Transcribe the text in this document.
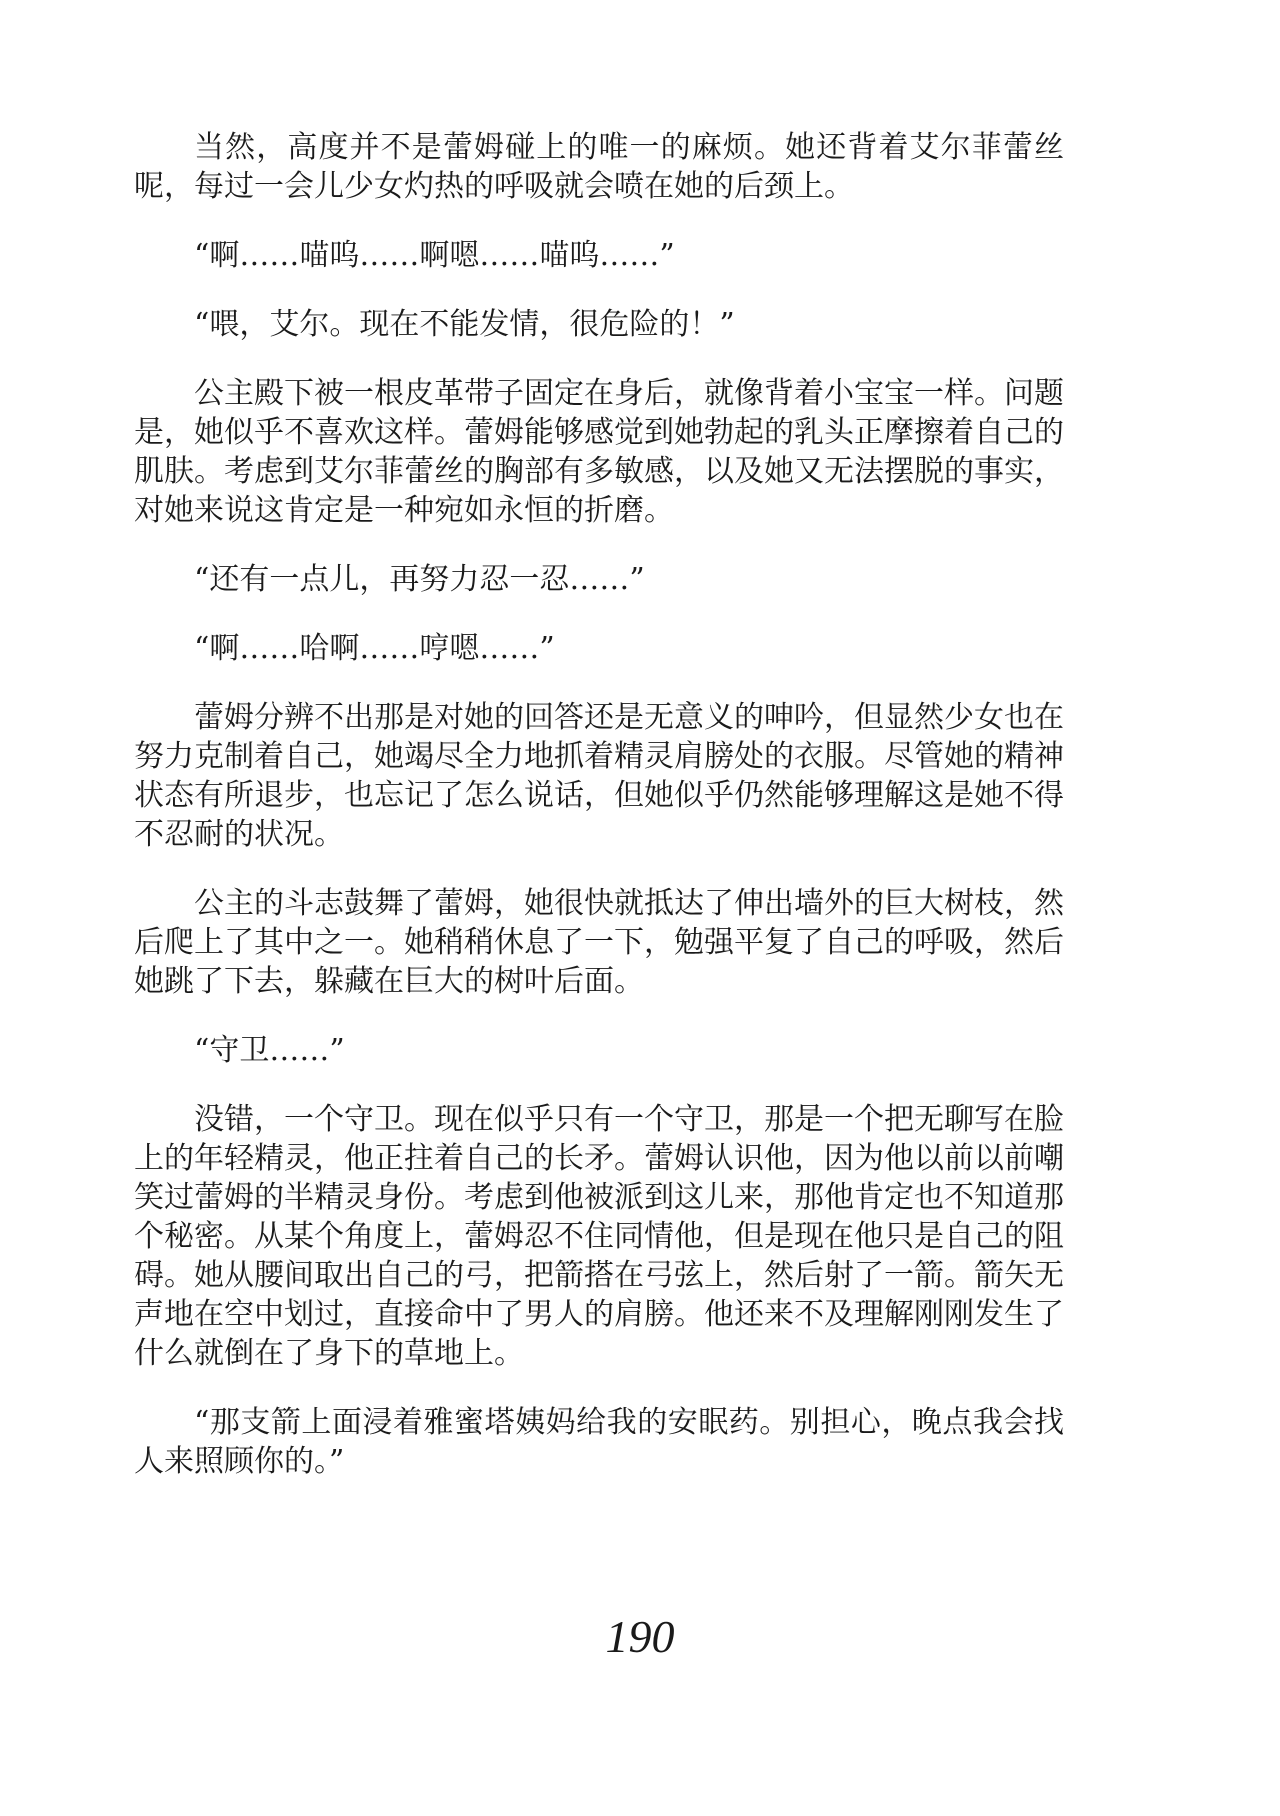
当然，高度并不是蕾姆碰上的唯一的麻烦。她还背着艾尔菲蕾丝呢，每过一会儿少女灼热的呼吸就会喷在她的后颈上。

“啊……喵呜……啊嗯……喵呜……”

“喂，艾尔。现在不能发情，很危险的！”

公主殿下被一根皮革带子固定在身后，就像背着小宝宝一样。问题是，她似乎不喜欢这样。蕾姆能够感觉到她勃起的乳头正摩擦着自己的肌肤。考虑到艾尔菲蕾丝的胸部有多敏感，以及她又无法摆脱的事实，对她来说这肯定是一种宛如永恒的折磨。

“还有一点儿，再努力忍一忍……”

“啊……哈啊……哼嗯……”

蕾姆分辨不出那是对她的回答还是无意义的呻吟，但显然少女也在努力克制着自己，她竭尽全力地抓着精灵肩膀处的衣服。尽管她的精神状态有所退步，也忘记了怎么说话，但她似乎仍然能够理解这是她不得不忍耐的状况。

公主的斗志鼓舞了蕾姆，她很快就抵达了伸出墙外的巨大树枝，然后爬上了其中之一。她稍稍休息了一下，勉强平复了自己的呼吸，然后她跳了下去，躲藏在巨大的树叶后面。

“守卫……”

没错，一个守卫。现在似乎只有一个守卫，那是一个把无聊写在脸上的年轻精灵，他正拄着自己的长矛。蕾姆认识他，因为他以前以前嘲笑过蕾姆的半精灵身份。考虑到他被派到这儿来，那他肯定也不知道那个秘密。从某个角度上，蕾姆忍不住同情他，但是现在他只是自己的阻碍。她从腰间取出自己的弓，把箭搭在弓弦上，然后射了一箭。箭矢无声地在空中划过，直接命中了男人的肩膀。他还来不及理解刚刚发生了什么就倒在了身下的草地上。

“那支箭上面浸着雅蜜塔姨妈给我的安眠药。别担心，晚点我会找人来照顾你的。”

190
